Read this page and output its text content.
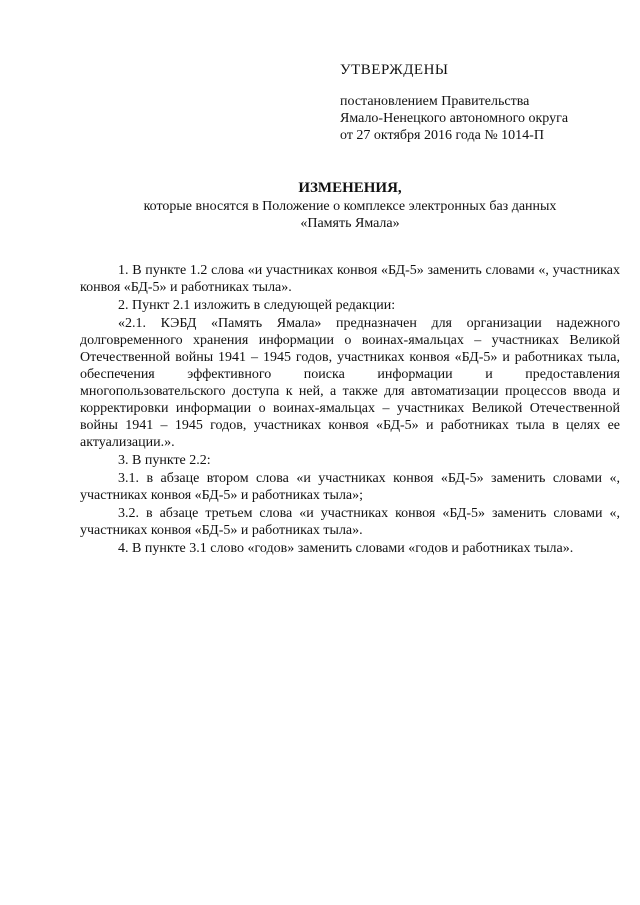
УТВЕРЖДЕНЫ
постановлением Правительства
Ямало-Ненецкого автономного округа
от 27 октября 2016 года № 1014-П
ИЗМЕНЕНИЯ,
которые вносятся в Положение о комплексе электронных баз данных
«Память Ямала»

1. В пункте 1.2 слова «и участниках конвоя «БД-5» заменить словами «, участниках конвоя «БД-5» и работниках тыла».

2. Пункт 2.1 изложить в следующей редакции:

«2.1. КЭБД «Память Ямала» предназначен для организации надежного долговременного хранения информации о воинах-ямальцах – участниках Великой Отечественной войны 1941 – 1945 годов, участниках конвоя «БД-5» и работниках тыла, обеспечения эффективного поиска информации и предоставления многопользовательского доступа к ней, а также для автоматизации процессов ввода и корректировки информации о воинах-ямальцах – участниках Великой Отечественной войны 1941 – 1945 годов, участниках конвоя «БД-5» и работниках тыла в целях ее актуализации.».

3. В пункте 2.2:

3.1. в абзаце втором слова «и участниках конвоя «БД-5» заменить словами «, участниках конвоя «БД-5» и работниках тыла»;

3.2. в абзаце третьем слова «и участниках конвоя «БД-5» заменить словами «, участниках конвоя «БД-5» и работниках тыла».

4. В пункте 3.1 слово «годов» заменить словами «годов и работниках тыла».
